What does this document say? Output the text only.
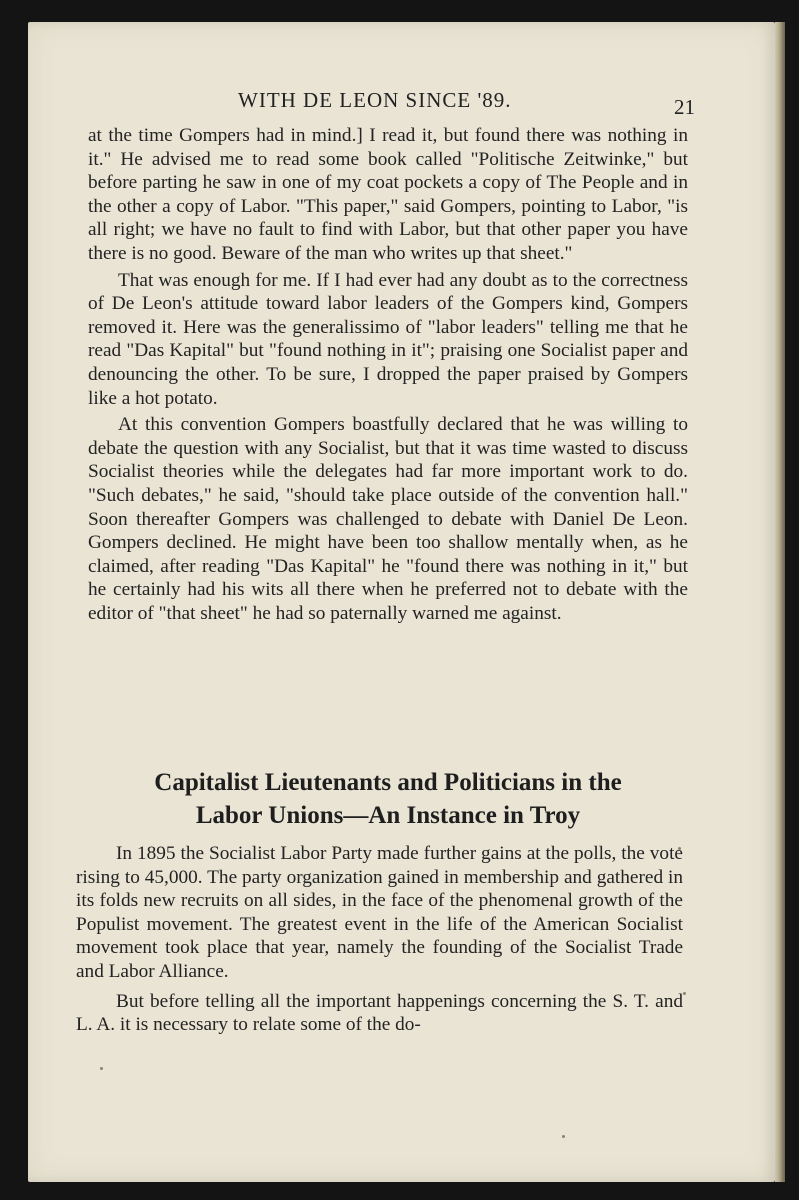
WITH DE LEON SINCE '89.	21

at the time Gompers had in mind.] I read it, but found there was nothing in it." He advised me to read some book called "Politische Zeitwinke," but before parting he saw in one of my coat pockets a copy of The People and in the other a copy of Labor. "This paper," said Gompers, pointing to Labor, "is all right; we have no fault to find with Labor, but that other paper you have there is no good. Beware of the man who writes up that sheet."

That was enough for me. If I had ever had any doubt as to the correctness of De Leon's attitude toward labor leaders of the Gompers kind, Gompers removed it. Here was the generalissimo of "labor leaders" telling me that he read "Das Kapital" but "found nothing in it"; praising one Socialist paper and denouncing the other. To be sure, I dropped the paper praised by Gompers like a hot potato.

At this convention Gompers boastfully declared that he was willing to debate the question with any Socialist, but that it was time wasted to discuss Socialist theories while the delegates had far more important work to do. "Such debates," he said, "should take place outside of the convention hall." Soon thereafter Gompers was challenged to debate with Daniel De Leon. Gompers declined. He might have been too shallow mentally when, as he claimed, after reading "Das Kapital" he "found there was nothing in it," but he certainly had his wits all there when he preferred not to debate with the editor of "that sheet" he had so paternally warned me against.

Capitalist Lieutenants and Politicians in the
Labor Unions—An Instance in Troy

In 1895 the Socialist Labor Party made further gains at the polls, the vote rising to 45,000. The party organization gained in membership and gathered in its folds new recruits on all sides, in the face of the phenomenal growth of the Populist movement. The greatest event in the life of the American Socialist movement took place that year, namely the founding of the Socialist Trade and Labor Alliance.

But before telling all the important happenings concerning the S. T. and L. A. it is necessary to relate some of the do-
